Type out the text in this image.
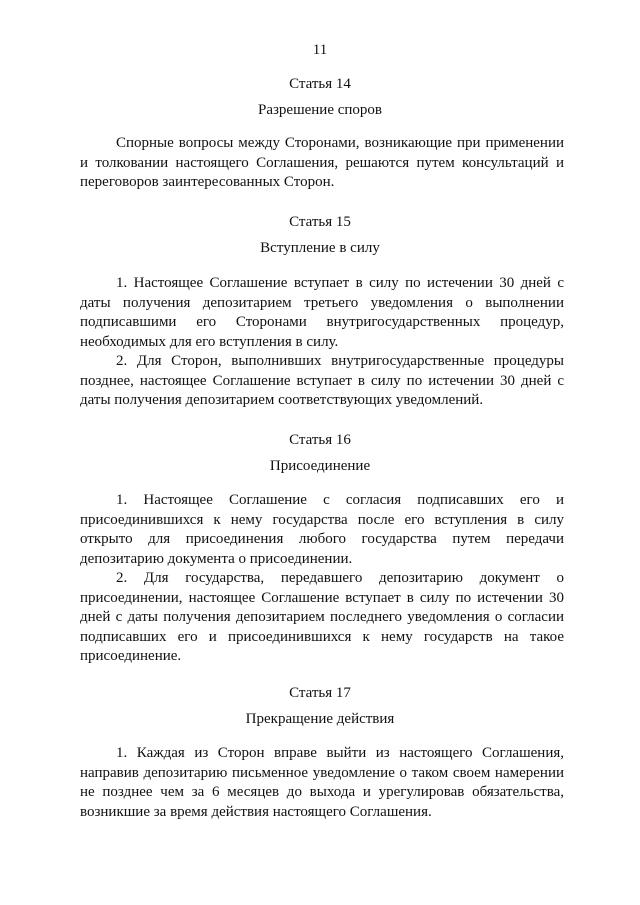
11
Статья 14
Разрешение споров

Спорные вопросы между Сторонами, возникающие при применении и толковании настоящего Соглашения, решаются путем консультаций и переговоров заинтересованных Сторон.

Статья 15
Вступление в силу

1. Настоящее Соглашение вступает в силу по истечении 30 дней с даты получения депозитарием третьего уведомления о выполнении подписавшими его Сторонами внутригосударственных процедур, необходимых для его вступления в силу.

2. Для Сторон, выполнивших внутригосударственные процедуры позднее, настоящее Соглашение вступает в силу по истечении 30 дней с даты получения депозитарием соответствующих уведомлений.

Статья 16
Присоединение

1. Настоящее Соглашение с согласия подписавших его и присоединившихся к нему государства после его вступления в силу открыто для присоединения любого государства путем передачи депозитарию документа о присоединении.

2. Для государства, передавшего депозитарию документ о присоединении, настоящее Соглашение вступает в силу по истечении 30 дней с даты получения депозитарием последнего уведомления о согласии подписавших его и присоединившихся к нему государств на такое присоединение.

Статья 17
Прекращение действия

1. Каждая из Сторон вправе выйти из настоящего Соглашения, направив депозитарию письменное уведомление о таком своем намерении не позднее чем за 6 месяцев до выхода и урегулировав обязательства, возникшие за время действия настоящего Соглашения.
